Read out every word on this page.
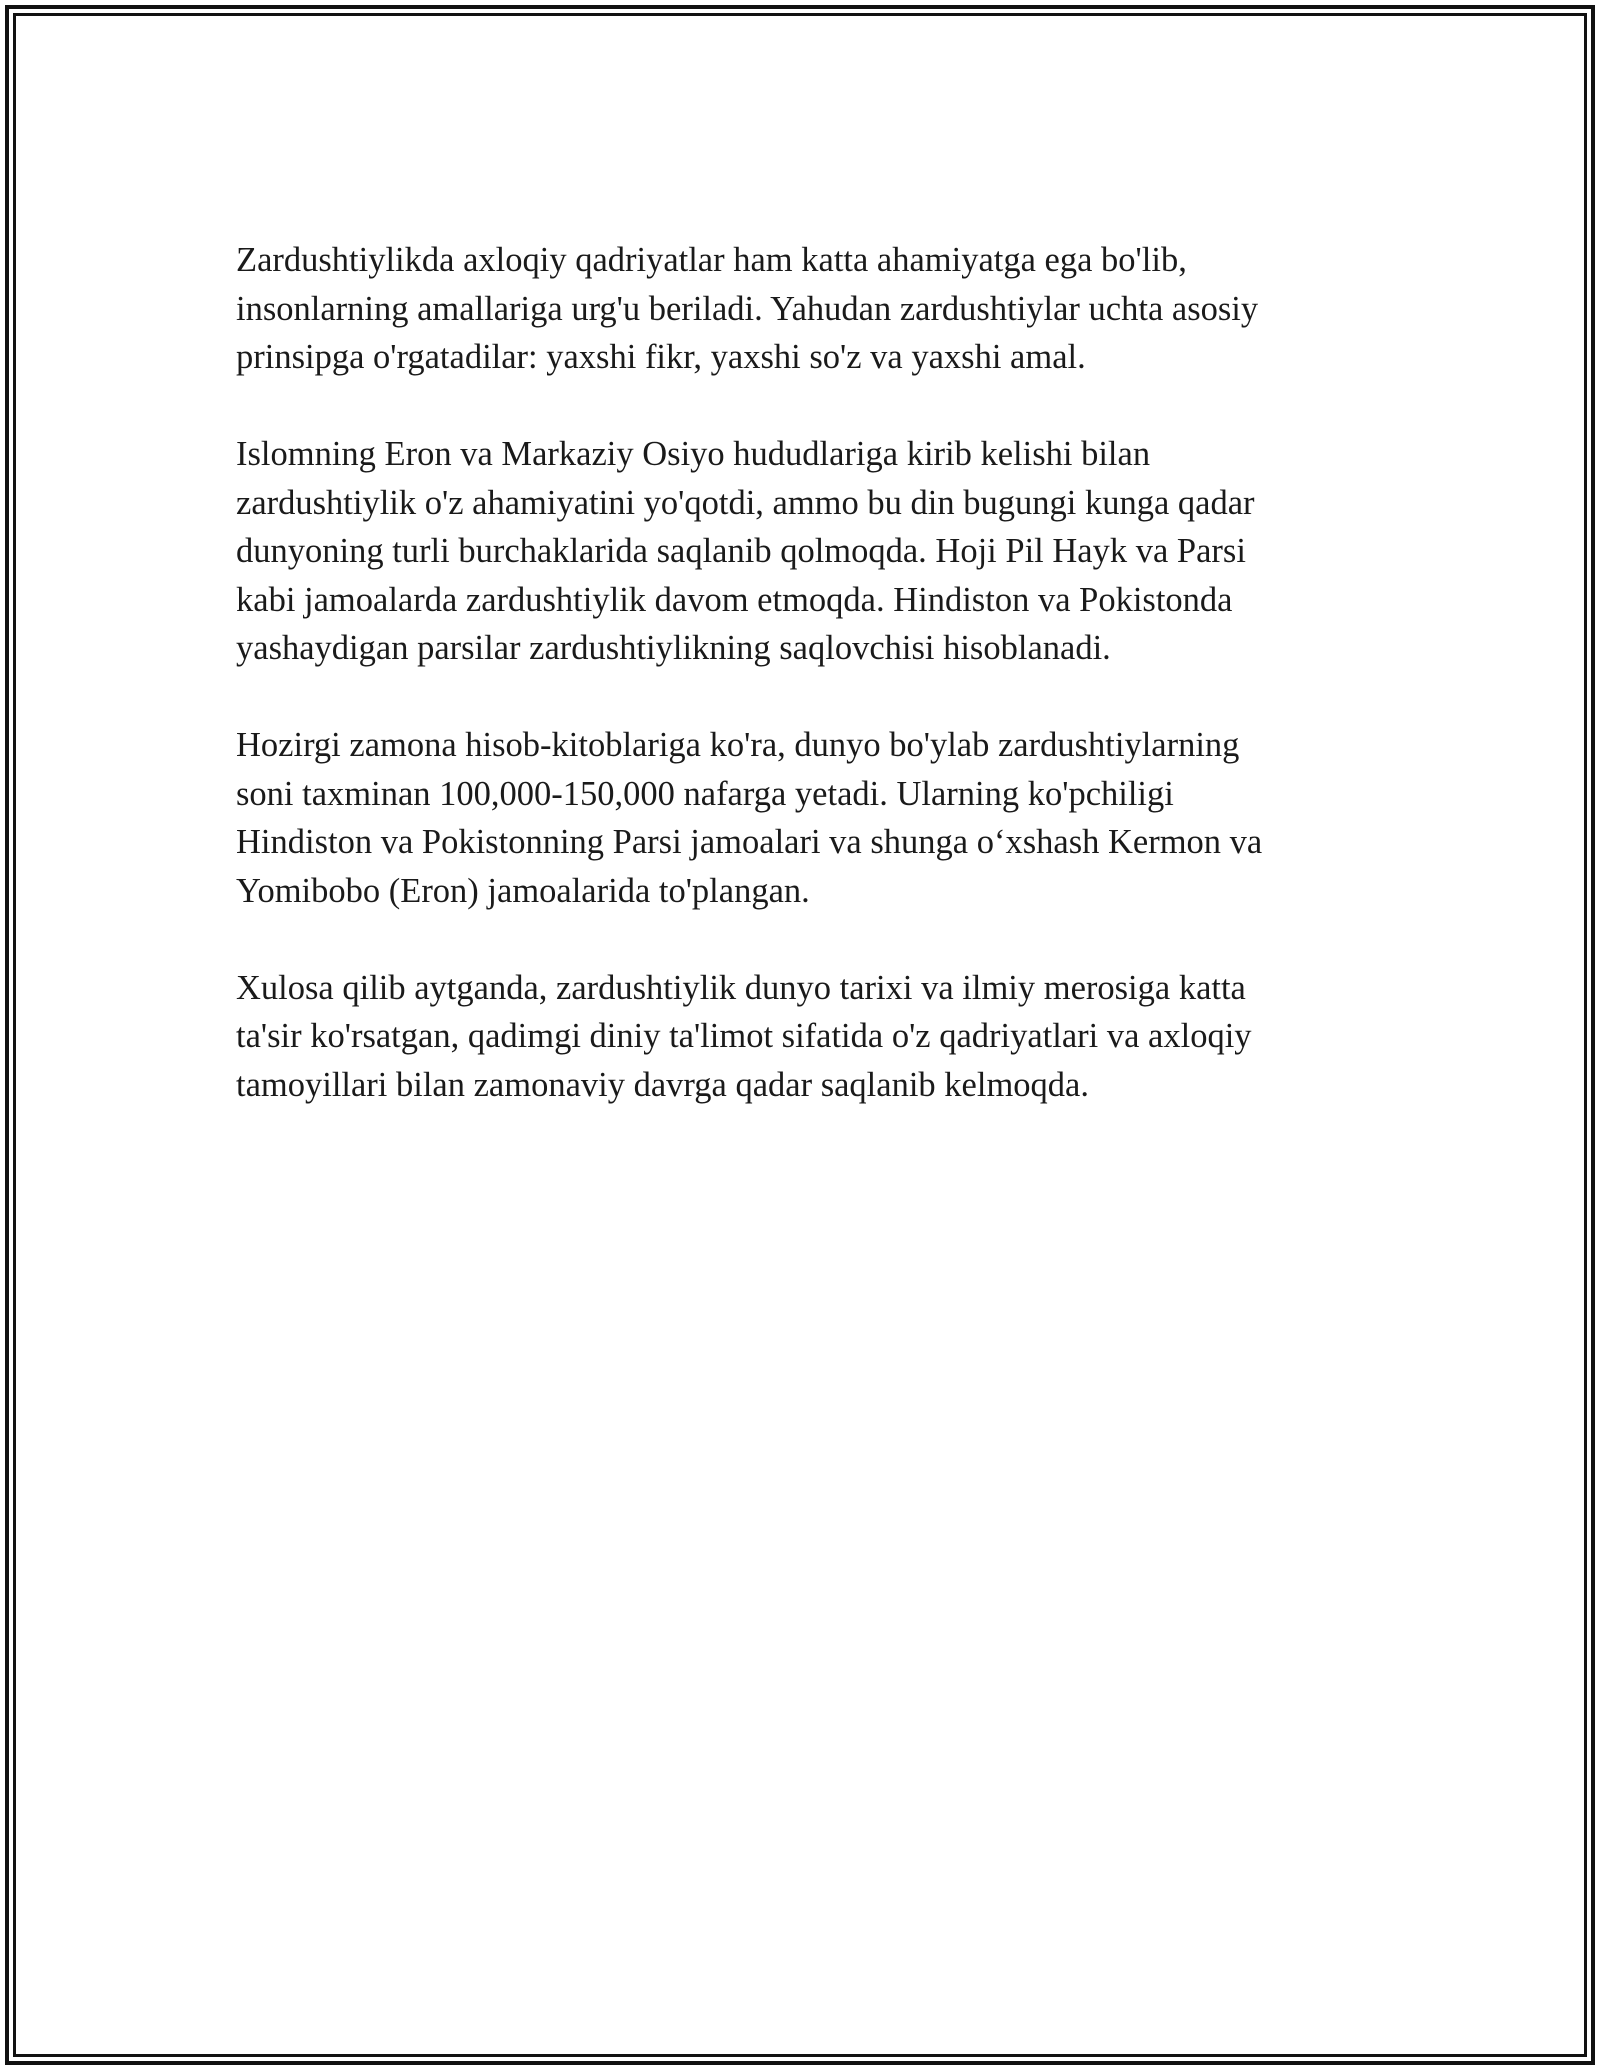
Zardushtiylikda axloqiy qadriyatlar ham katta ahamiyatga ega bo'lib,
insonlarning amallariga urg'u beriladi. Yahudan zardushtiylar uchta asosiy
prinsipga o'rgatadilar: yaxshi fikr, yaxshi so'z va yaxshi amal.

Islomning Eron va Markaziy Osiyo hududlariga kirib kelishi bilan
zardushtiylik o'z ahamiyatini yo'qotdi, ammo bu din bugungi kunga qadar
dunyoning turli burchaklarida saqlanib qolmoqda. Hoji Pil Hayk va Parsi
kabi jamoalarda zardushtiylik davom etmoqda. Hindiston va Pokistonda
yashaydigan parsilar zardushtiylikning saqlovchisi hisoblanadi.

Hozirgi zamona hisob-kitoblariga ko'ra, dunyo bo'ylab zardushtiylarning
soni taxminan 100,000-150,000 nafarga yetadi. Ularning ko'pchiligi
Hindiston va Pokistonning Parsi jamoalari va shunga o‘xshash Kermon va
Yomibobo (Eron) jamoalarida to'plangan.

Xulosa qilib aytganda, zardushtiylik dunyo tarixi va ilmiy merosiga katta
ta'sir ko'rsatgan, qadimgi diniy ta'limot sifatida o'z qadriyatlari va axloqiy
tamoyillari bilan zamonaviy davrga qadar saqlanib kelmoqda.
